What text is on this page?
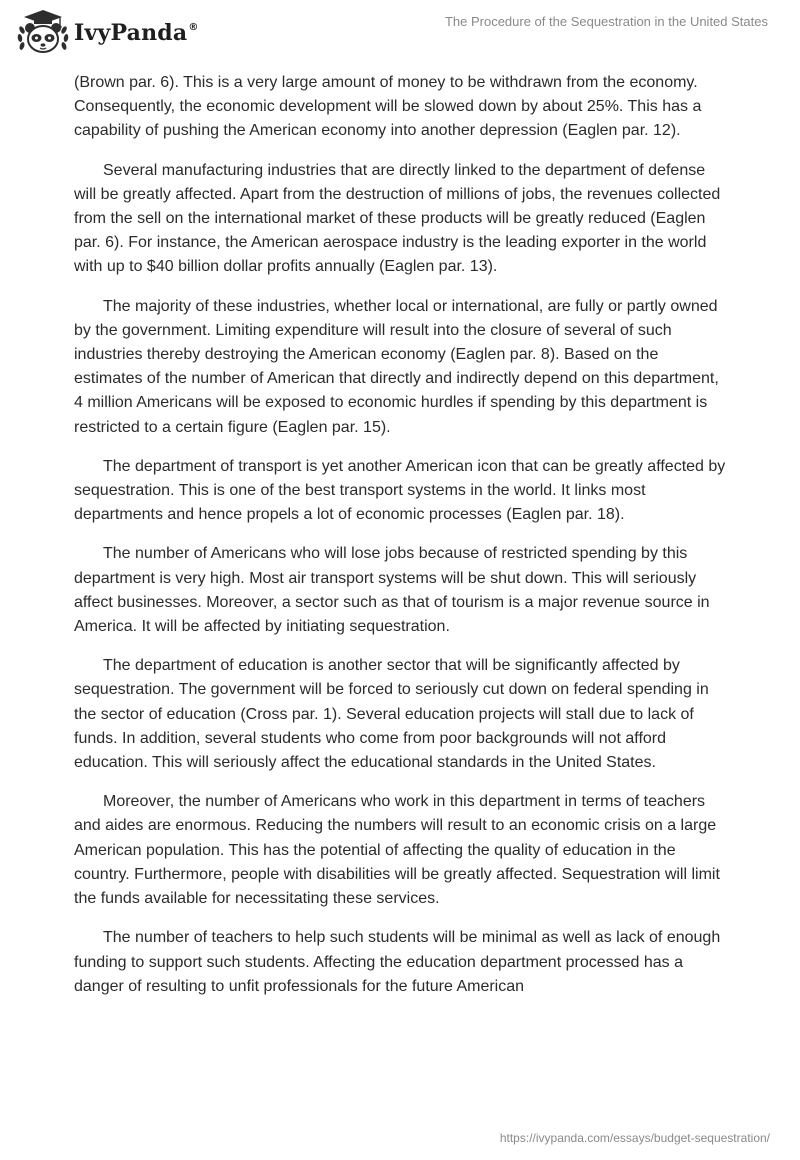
IvyPanda®	The Procedure of the Sequestration in the United States

(Brown par. 6). This is a very large amount of money to be withdrawn from the economy. Consequently, the economic development will be slowed down by about 25%. This has a capability of pushing the American economy into another depression (Eaglen par. 12).

Several manufacturing industries that are directly linked to the department of defense will be greatly affected. Apart from the destruction of millions of jobs, the revenues collected from the sell on the international market of these products will be greatly reduced (Eaglen par. 6). For instance, the American aerospace industry is the leading exporter in the world with up to $40 billion dollar profits annually (Eaglen par. 13).

The majority of these industries, whether local or international, are fully or partly owned by the government. Limiting expenditure will result into the closure of several of such industries thereby destroying the American economy (Eaglen par. 8). Based on the estimates of the number of American that directly and indirectly depend on this department, 4 million Americans will be exposed to economic hurdles if spending by this department is restricted to a certain figure (Eaglen par. 15).

The department of transport is yet another American icon that can be greatly affected by sequestration. This is one of the best transport systems in the world. It links most departments and hence propels a lot of economic processes (Eaglen par. 18).

The number of Americans who will lose jobs because of restricted spending by this department is very high. Most air transport systems will be shut down. This will seriously affect businesses. Moreover, a sector such as that of tourism is a major revenue source in America. It will be affected by initiating sequestration.

The department of education is another sector that will be significantly affected by sequestration. The government will be forced to seriously cut down on federal spending in the sector of education (Cross par. 1). Several education projects will stall due to lack of funds. In addition, several students who come from poor backgrounds will not afford education. This will seriously affect the educational standards in the United States.

Moreover, the number of Americans who work in this department in terms of teachers and aides are enormous. Reducing the numbers will result to an economic crisis on a large American population. This has the potential of affecting the quality of education in the country. Furthermore, people with disabilities will be greatly affected. Sequestration will limit the funds available for necessitating these services.

The number of teachers to help such students will be minimal as well as lack of enough funding to support such students. Affecting the education department processed has a danger of resulting to unfit professionals for the future American

https://ivypanda.com/essays/budget-sequestration/
